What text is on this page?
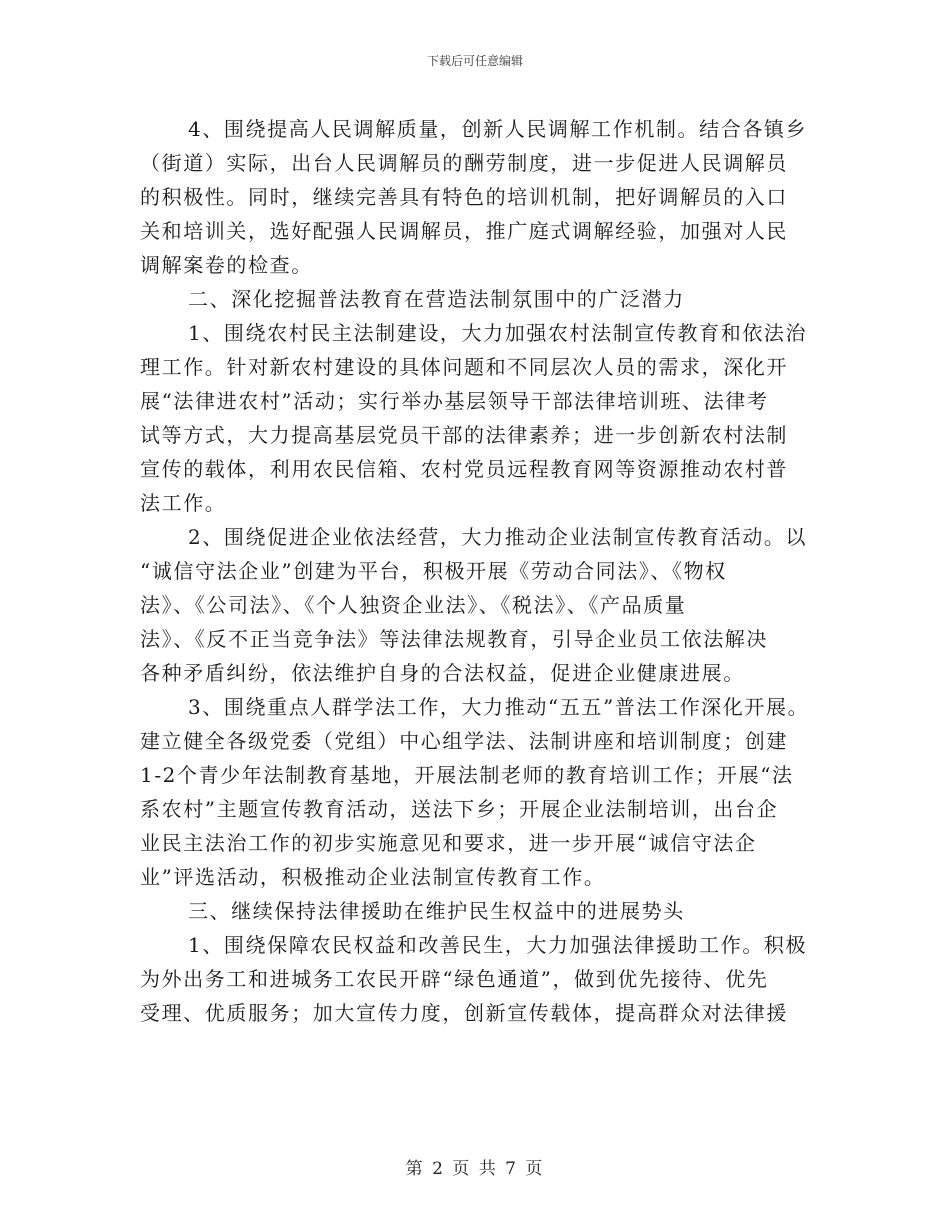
下载后可任意编辑
4、围绕提高人民调解质量，创新人民调解工作机制。结合各镇乡
（街道）实际，出台人民调解员的酬劳制度，进一步促进人民调解员
的积极性。同时，继续完善具有特色的培训机制，把好调解员的入口
关和培训关，选好配强人民调解员，推广庭式调解经验，加强对人民
调解案卷的检查。
二、深化挖掘普法教育在营造法制氛围中的广泛潜力
1、围绕农村民主法制建设，大力加强农村法制宣传教育和依法治
理工作。针对新农村建设的具体问题和不同层次人员的需求，深化开
展“法律进农村”活动；实行举办基层领导干部法律培训班、法律考
试等方式，大力提高基层党员干部的法律素养；进一步创新农村法制
宣传的载体，利用农民信箱、农村党员远程教育网等资源推动农村普
法工作。
2、围绕促进企业依法经营，大力推动企业法制宣传教育活动。以
“诚信守法企业”创建为平台，积极开展《劳动合同法》、《物权
法》、《公司法》、《个人独资企业法》、《税法》、《产品质量
法》、《反不正当竞争法》等法律法规教育，引导企业员工依法解决
各种矛盾纠纷，依法维护自身的合法权益，促进企业健康进展。
3、围绕重点人群学法工作，大力推动“五五”普法工作深化开展。
建立健全各级党委（党组）中心组学法、法制讲座和培训制度；创建
1-2个青少年法制教育基地，开展法制老师的教育培训工作；开展“法
系农村”主题宣传教育活动，送法下乡；开展企业法制培训，出台企
业民主法治工作的初步实施意见和要求，进一步开展“诚信守法企
业”评选活动，积极推动企业法制宣传教育工作。
三、继续保持法律援助在维护民生权益中的进展势头
1、围绕保障农民权益和改善民生，大力加强法律援助工作。积极
为外出务工和进城务工农民开辟“绿色通道”，做到优先接待、优先
受理、优质服务；加大宣传力度，创新宣传载体，提高群众对法律援
第 2 页 共 7 页
